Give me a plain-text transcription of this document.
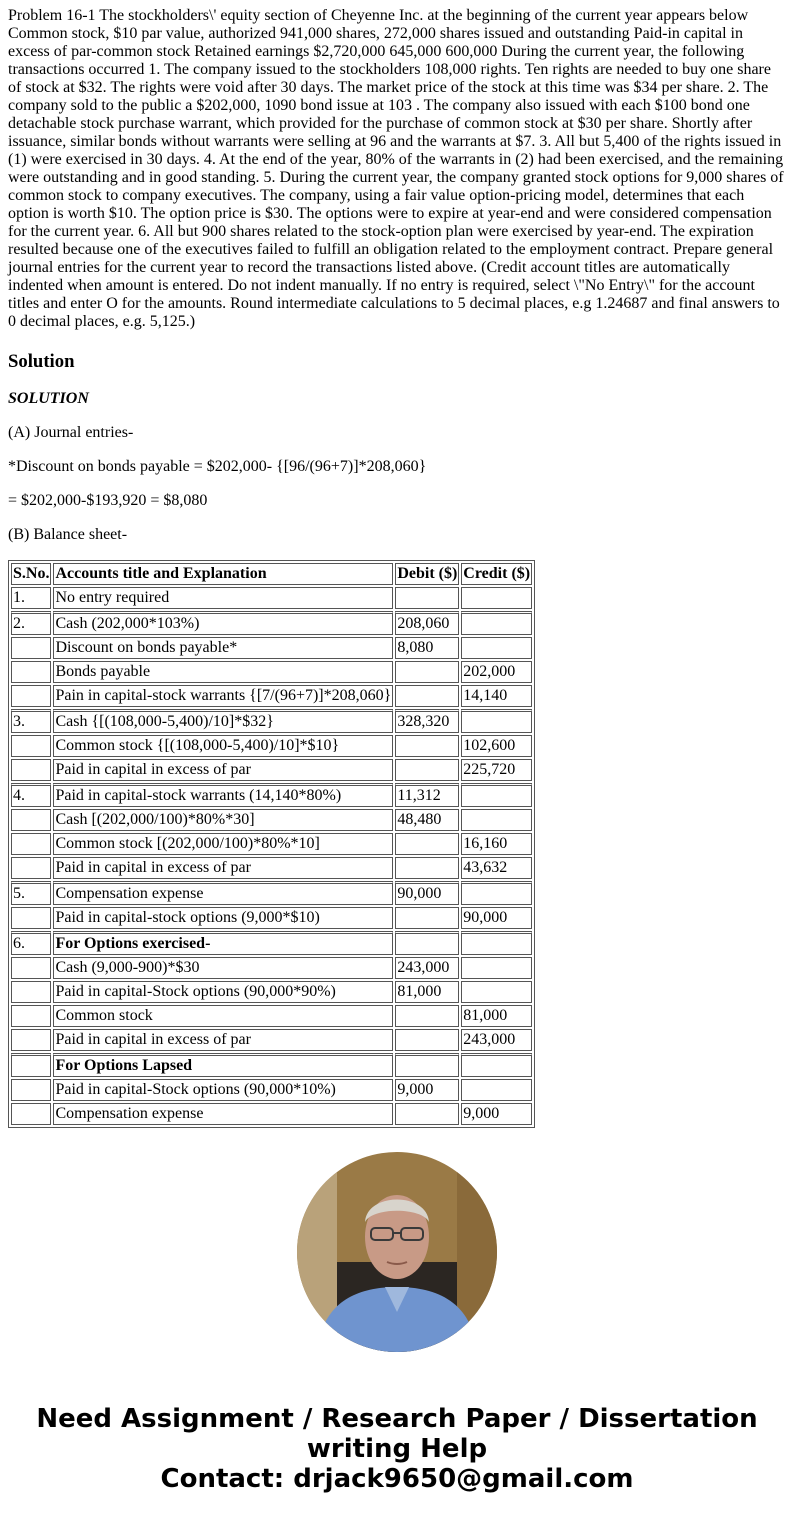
Problem 16-1 The stockholders\' equity section of Cheyenne Inc. at the beginning of the current year appears below Common stock, $10 par value, authorized 941,000 shares, 272,000 shares issued and outstanding Paid-in capital in excess of par-common stock Retained earnings $2,720,000 645,000 600,000 During the current year, the following transactions occurred 1. The company issued to the stockholders 108,000 rights. Ten rights are needed to buy one share of stock at $32. The rights were void after 30 days. The market price of the stock at this time was $34 per share. 2. The company sold to the public a $202,000, 1090 bond issue at 103 . The company also issued with each $100 bond one detachable stock purchase warrant, which provided for the purchase of common stock at $30 per share. Shortly after issuance, similar bonds without warrants were selling at 96 and the warrants at $7. 3. All but 5,400 of the rights issued in (1) were exercised in 30 days. 4. At the end of the year, 80% of the warrants in (2) had been exercised, and the remaining were outstanding and in good standing. 5. During the current year, the company granted stock options for 9,000 shares of common stock to company executives. The company, using a fair value option-pricing model, determines that each option is worth $10. The option price is $30. The options were to expire at year-end and were considered compensation for the current year. 6. All but 900 shares related to the stock-option plan were exercised by year-end. The expiration resulted because one of the executives failed to fulfill an obligation related to the employment contract. Prepare general journal entries for the current year to record the transactions listed above. (Credit account titles are automatically indented when amount is entered. Do not indent manually. If no entry is required, select \"No Entry\" for the account titles and enter O for the amounts. Round intermediate calculations to 5 decimal places, e.g 1.24687 and final answers to 0 decimal places, e.g. 5,125.)

Solution

SOLUTION

(A) Journal entries-

*Discount on bonds payable = $202,000- {[96/(96+7)]*208,060}

= $202,000-$193,920 = $8,080

(B) Balance sheet-

S.No.	Accounts title and Explanation	Debit ($)	Credit ($)
1.	No entry required		
2.	Cash (202,000*103%)	208,060	
	Discount on bonds payable*	8,080	
	Bonds payable		202,000
	Pain in capital-stock warrants {[7/(96+7)]*208,060}		14,140
3.	Cash {[(108,000-5,400)/10]*$32}	328,320	
	Common stock {[(108,000-5,400)/10]*$10}		102,600
	Paid in capital in excess of par		225,720
4.	Paid in capital-stock warrants (14,140*80%)	11,312	
	Cash [(202,000/100)*80%*30]	48,480	
	Common stock [(202,000/100)*80%*10]		16,160
	Paid in capital in excess of par		43,632
5.	Compensation expense	90,000	
	Paid in capital-stock options (9,000*$10)		90,000
6.	For Options exercised-		
	Cash (9,000-900)*$30	243,000	
	Paid in capital-Stock options (90,000*90%)	81,000	
	Common stock		81,000
	Paid in capital in excess of par		243,000
	For Options Lapsed		
	Paid in capital-Stock options (90,000*10%)	9,000	
	Compensation expense		9,000
Need Assignment / Research Paper / Dissertation
writing Help
Contact: drjack9650@gmail.com
